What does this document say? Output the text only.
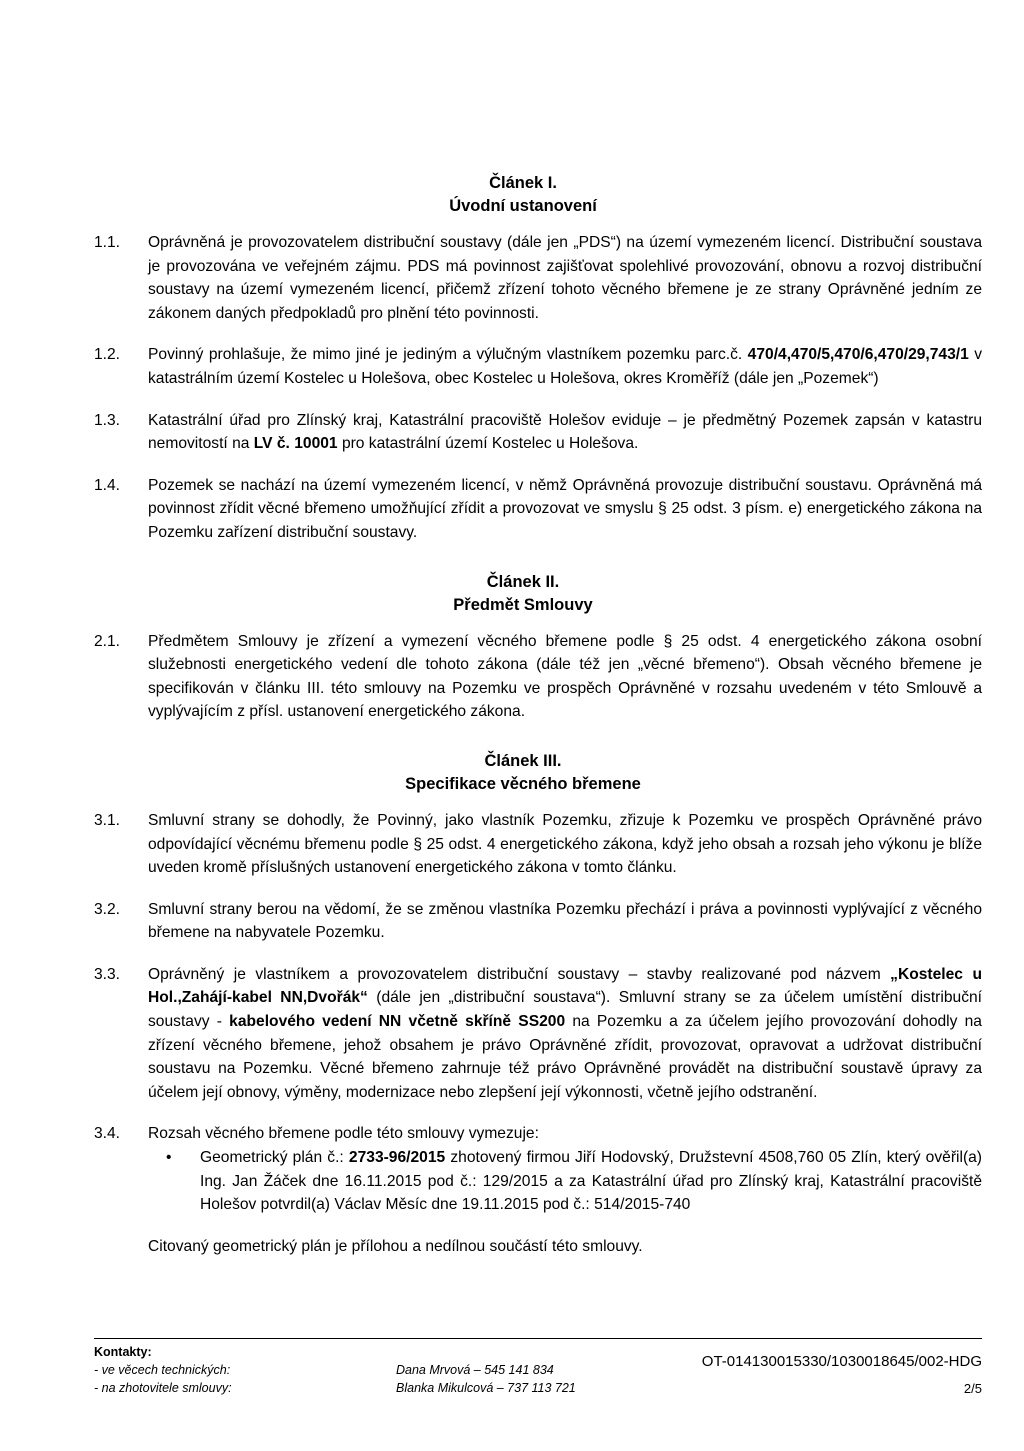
Článek I.
Úvodní ustanovení
1.1.	Oprávněná je provozovatelem distribuční soustavy (dále jen „PDS“) na území vymezeném licencí. Distribuční soustava je provozována ve veřejném zájmu. PDS má povinnost zajišťovat spolehlivé provozování, obnovu a rozvoj distribuční soustavy na území vymezeném licencí, přičemž zřízení tohoto věcného břemene je ze strany Oprávněné jedním ze zákonem daných předpokladů pro plnění této povinnosti.
1.2.	Povinný prohlašuje, že mimo jiné je jediným a výlučným vlastníkem pozemku parc.č. 470/4,470/5,470/6,470/29,743/1 v katastrálním území Kostelec u Holešova, obec Kostelec u Holešova, okres Kroměříž (dále jen „Pozemek“)
1.3.	Katastrální úřad pro Zlínský kraj, Katastrální pracoviště Holešov eviduje – je předmětný Pozemek zapsán v katastru nemovitostí na LV č. 10001 pro katastrální území Kostelec u Holešova.
1.4.	Pozemek se nachází na území vymezeném licencí, v němž Oprávněná provozuje distribuční soustavu. Oprávněná má povinnost zřídit věcné břemeno umožňující zřídit a provozovat ve smyslu § 25 odst. 3 písm. e) energetického zákona na Pozemku zařízení distribuční soustavy.
Článek II.
Předmět Smlouvy
2.1.	Předmětem Smlouvy je zřízení a vymezení věcného břemene podle § 25 odst. 4 energetického zákona osobní služebnosti energetického vedení dle tohoto zákona (dále též jen „věcné břemeno“). Obsah věcného břemene je specifikován v článku III. této smlouvy na Pozemku ve prospěch Oprávněné v rozsahu uvedeném v této Smlouvě a vyplývajícím z přísl. ustanovení energetického zákona.
Článek III.
Specifikace věcného břemene
3.1.	Smluvní strany se dohodly, že Povinný, jako vlastník Pozemku, zřizuje k Pozemku ve prospěch Oprávněné právo odpovídající věcnému břemenu podle § 25 odst. 4 energetického zákona, když jeho obsah a rozsah jeho výkonu je blíže uveden kromě příslušných ustanovení energetického zákona v tomto článku.
3.2.	Smluvní strany berou na vědomí, že se změnou vlastníka Pozemku přechází i práva a povinnosti vyplývající z věcného břemene na nabyvatele Pozemku.
3.3.	Oprávněný je vlastníkem a provozovatelem distribuční soustavy – stavby realizované pod názvem „Kostelec u Hol.,Zahájí-kabel NN,Dvořák“ (dále jen „distribuční soustava“). Smluvní strany se za účelem umístění distribuční soustavy - kabelového vedení NN včetně skříně SS200 na Pozemku a za účelem jejího provozování dohodly na zřízení věcného břemene, jehož obsahem je právo Oprávněné zřídit, provozovat, opravovat a udržovat distribuční soustavu na Pozemku. Věcné břemeno zahrnuje též právo Oprávněné provádět na distribuční soustavě úpravy za účelem její obnovy, výměny, modernizace nebo zlepšení její výkonnosti, včetně jejího odstranění.
3.4.	Rozsah věcného břemene podle této smlouvy vymezuje:
•	Geometrický plán č.: 2733-96/2015 zhotovený firmou Jiří Hodovský, Družstevní 4508,760 05 Zlín, který ověřil(a) Ing. Jan Žáček dne 16.11.2015 pod č.: 129/2015 a za Katastrální úřad pro Zlínský kraj, Katastrální pracoviště Holešov potvrdil(a) Václav Měsíc dne 19.11.2015 pod č.: 514/2015-740
Citovaný geometrický plán je přílohou a nedílnou součástí této smlouvy.
Kontakty:
- ve věcech technických:
- na zhotovitele smlouvy:
Dana Mrvová – 545 141 834
Blanka Mikulcová – 737 113 721
OT-014130015330/1030018645/002-HDG
2/5
